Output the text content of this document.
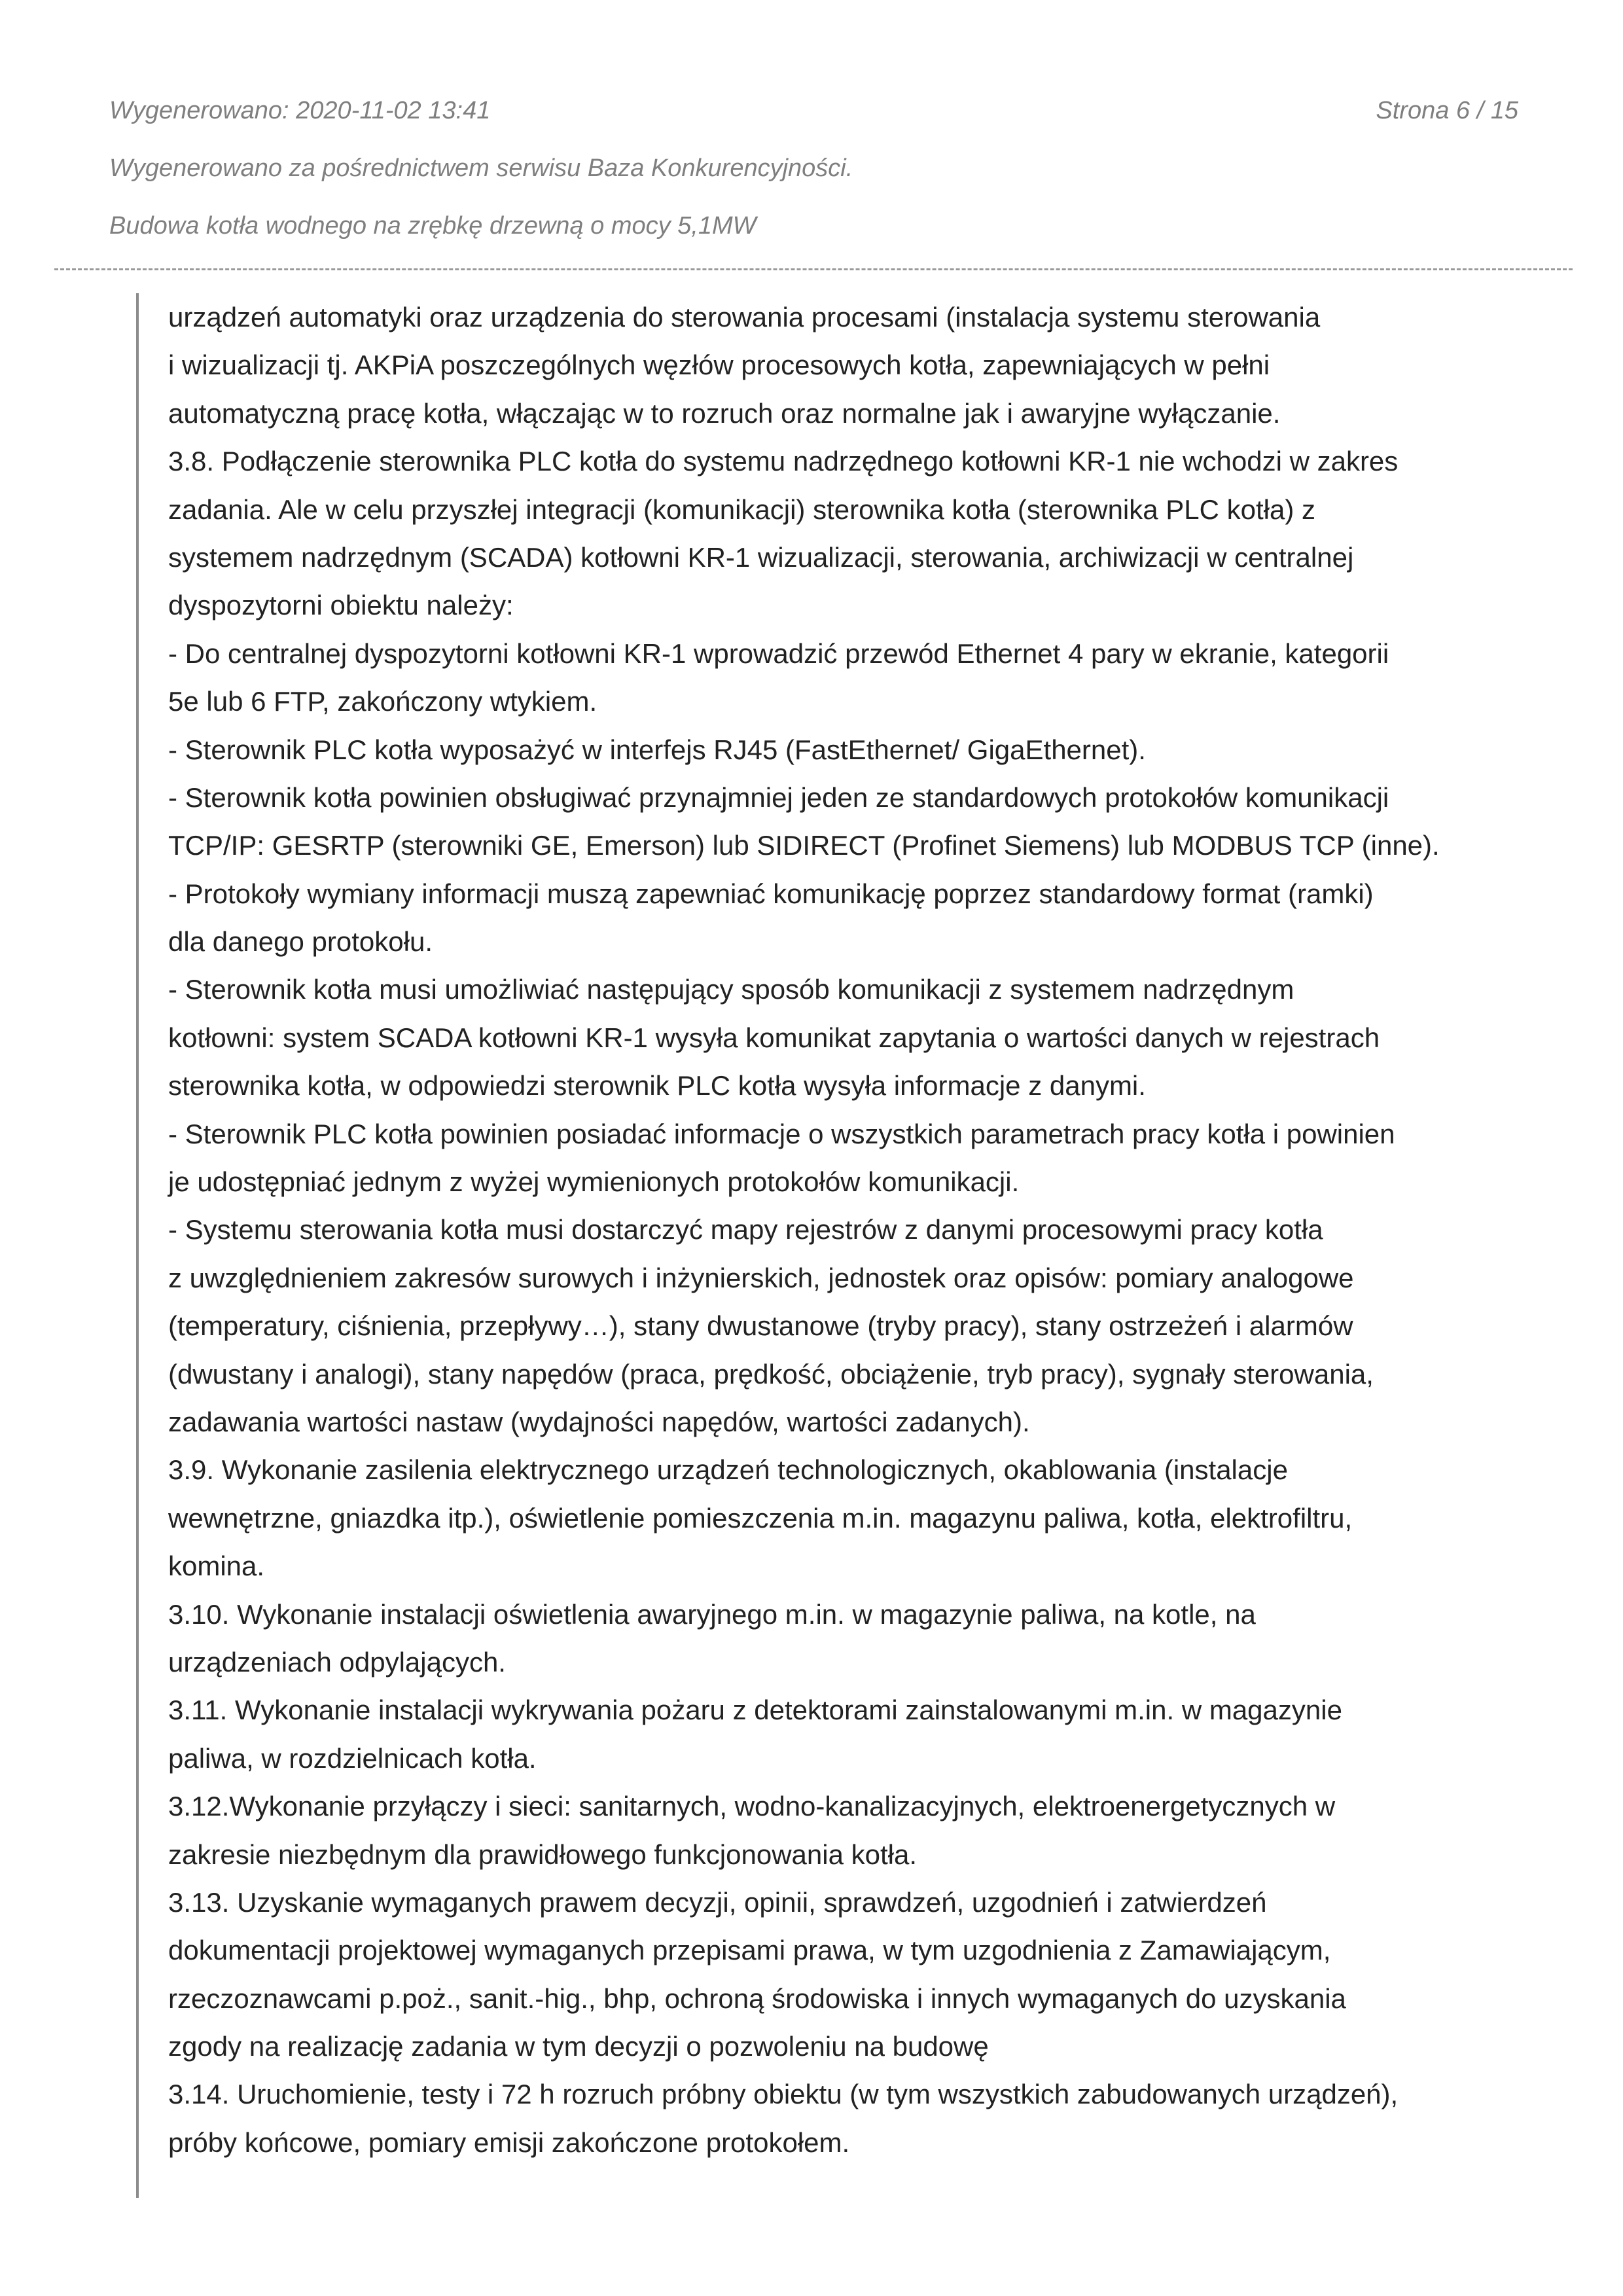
Wygenerowano: 2020-11-02 13:41	Strona 6 / 15
Wygenerowano za pośrednictwem serwisu Baza Konkurencyjności.
Budowa kotła wodnego na zrębkę drzewną o mocy 5,1MW
urządzeń automatyki oraz urządzenia do sterowania procesami (instalacja systemu sterowania
i wizualizacji tj. AKPiA poszczególnych węzłów procesowych kotła, zapewniających w pełni
automatyczną pracę kotła, włączając w to rozruch oraz normalne jak i awaryjne wyłączanie.
3.8. Podłączenie sterownika PLC kotła do systemu nadrzędnego kotłowni KR-1 nie wchodzi w zakres
zadania. Ale w celu przyszłej integracji (komunikacji) sterownika kotła (sterownika PLC kotła) z
systemem nadrzędnym (SCADA) kotłowni KR-1 wizualizacji, sterowania, archiwizacji w centralnej
dyspozytorni obiektu należy:
- Do centralnej dyspozytorni kotłowni KR-1 wprowadzić przewód Ethernet 4 pary w ekranie, kategorii
5e lub 6 FTP, zakończony wtykiem.
- Sterownik PLC kotła wyposażyć w interfejs RJ45 (FastEthernet/ GigaEthernet).
- Sterownik kotła powinien obsługiwać przynajmniej jeden ze standardowych protokołów komunikacji
TCP/IP: GESRTP (sterowniki GE, Emerson) lub SIDIRECT (Profinet Siemens) lub MODBUS TCP (inne).
- Protokoły wymiany informacji muszą zapewniać komunikację poprzez standardowy format (ramki)
dla danego protokołu.
- Sterownik kotła musi umożliwiać następujący sposób komunikacji z systemem nadrzędnym
kotłowni: system SCADA kotłowni KR-1 wysyła komunikat zapytania o wartości danych w rejestrach
sterownika kotła, w odpowiedzi sterownik PLC kotła wysyła informacje z danymi.
- Sterownik PLC kotła powinien posiadać informacje o wszystkich parametrach pracy kotła i powinien
je udostępniać jednym z wyżej wymienionych protokołów komunikacji.
- Systemu sterowania kotła musi dostarczyć mapy rejestrów z danymi procesowymi pracy kotła
z uwzględnieniem zakresów surowych i inżynierskich, jednostek oraz opisów: pomiary analogowe
(temperatury, ciśnienia, przepływy…), stany dwustanowe (tryby pracy), stany ostrzeżeń i alarmów
(dwustany i analogi), stany napędów (praca, prędkość, obciążenie, tryb pracy), sygnały sterowania,
zadawania wartości nastaw (wydajności napędów, wartości zadanych).
3.9. Wykonanie zasilenia elektrycznego urządzeń technologicznych, okablowania (instalacje
wewnętrzne, gniazdka itp.), oświetlenie pomieszczenia m.in. magazynu paliwa, kotła, elektrofiltru,
komina.
3.10. Wykonanie instalacji oświetlenia awaryjnego m.in. w magazynie paliwa, na kotle, na
urządzeniach odpylających.
3.11. Wykonanie instalacji wykrywania pożaru z detektorami zainstalowanymi m.in. w magazynie
paliwa, w rozdzielnicach kotła.
3.12.Wykonanie przyłączy i sieci: sanitarnych, wodno-kanalizacyjnych, elektroenergetycznych w
zakresie niezbędnym dla prawidłowego funkcjonowania kotła.
3.13. Uzyskanie wymaganych prawem decyzji, opinii, sprawdzeń, uzgodnień i zatwierdzeń
dokumentacji projektowej wymaganych przepisami prawa, w tym uzgodnienia z Zamawiającym,
rzeczoznawcami p.poż., sanit.-hig., bhp, ochroną środowiska i innych wymaganych do uzyskania
zgody na realizację zadania w tym decyzji o pozwoleniu na budowę
3.14. Uruchomienie, testy i 72 h rozruch próbny obiektu (w tym wszystkich zabudowanych urządzeń),
próby końcowe, pomiary emisji zakończone protokołem.
